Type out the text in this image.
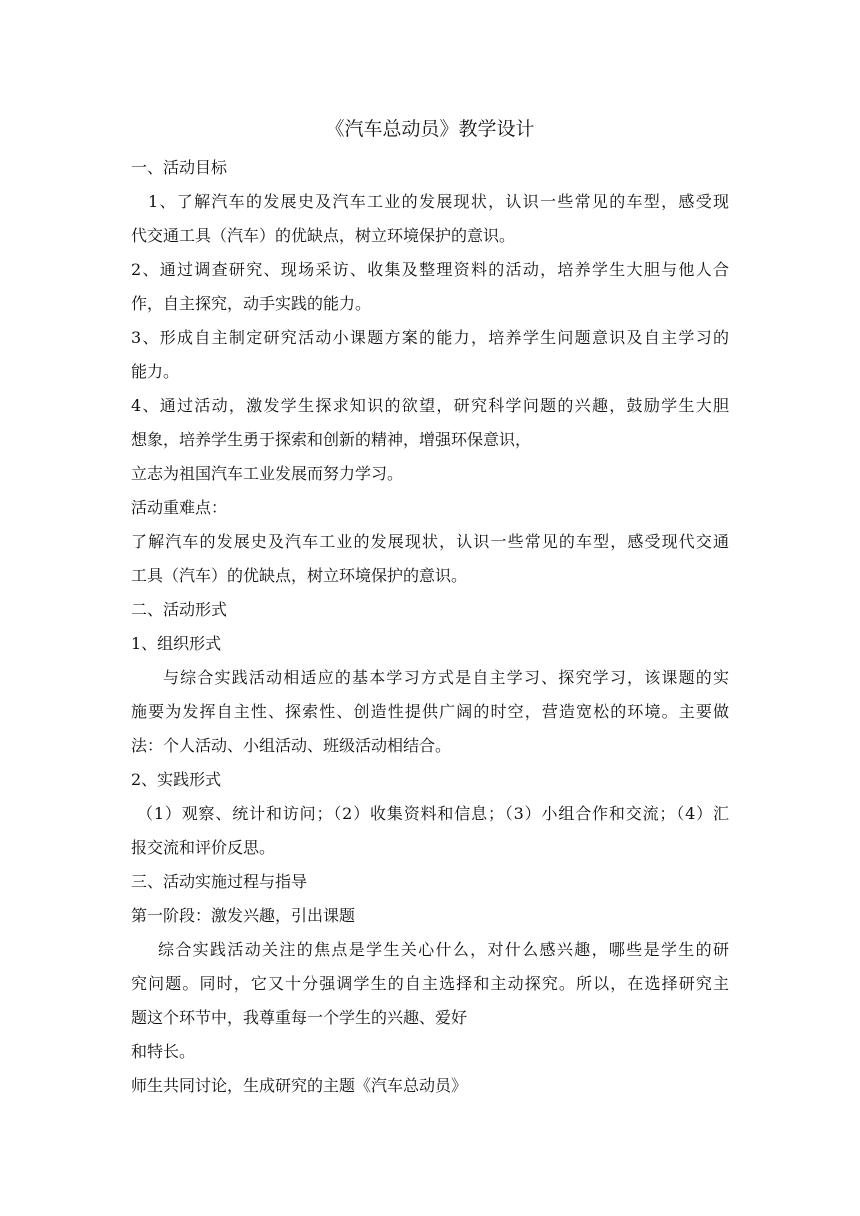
《汽车总动员》教学设计
一、活动目标
1、了解汽车的发展史及汽车工业的发展现状，认识一些常见的车型，感受现
代交通工具（汽车）的优缺点，树立环境保护的意识。
2、通过调查研究、现场采访、收集及整理资料的活动，培养学生大胆与他人合
作，自主探究，动手实践的能力。
3、形成自主制定研究活动小课题方案的能力，培养学生问题意识及自主学习的
能力。
4、通过活动，激发学生探求知识的欲望，研究科学问题的兴趣，鼓励学生大胆
想象，培养学生勇于探索和创新的精神，增强环保意识，
立志为祖国汽车工业发展而努力学习。
活动重难点：
了解汽车的发展史及汽车工业的发展现状，认识一些常见的车型，感受现代交通
工具（汽车）的优缺点，树立环境保护的意识。
二、活动形式
1、组织形式
与综合实践活动相适应的基本学习方式是自主学习、探究学习，该课题的实
施要为发挥自主性、探索性、创造性提供广阔的时空，营造宽松的环境。主要做
法：个人活动、小组活动、班级活动相结合。
2、实践形式
（1）观察、统计和访问；（2）收集资料和信息；（3）小组合作和交流；（4）汇
报交流和评价反思。
三、活动实施过程与指导
第一阶段：激发兴趣，引出课题
综合实践活动关注的焦点是学生关心什么，对什么感兴趣，哪些是学生的研
究问题。同时，它又十分强调学生的自主选择和主动探究。所以，在选择研究主
题这个环节中，我尊重每一个学生的兴趣、爱好
和特长。
师生共同讨论，生成研究的主题《汽车总动员》
